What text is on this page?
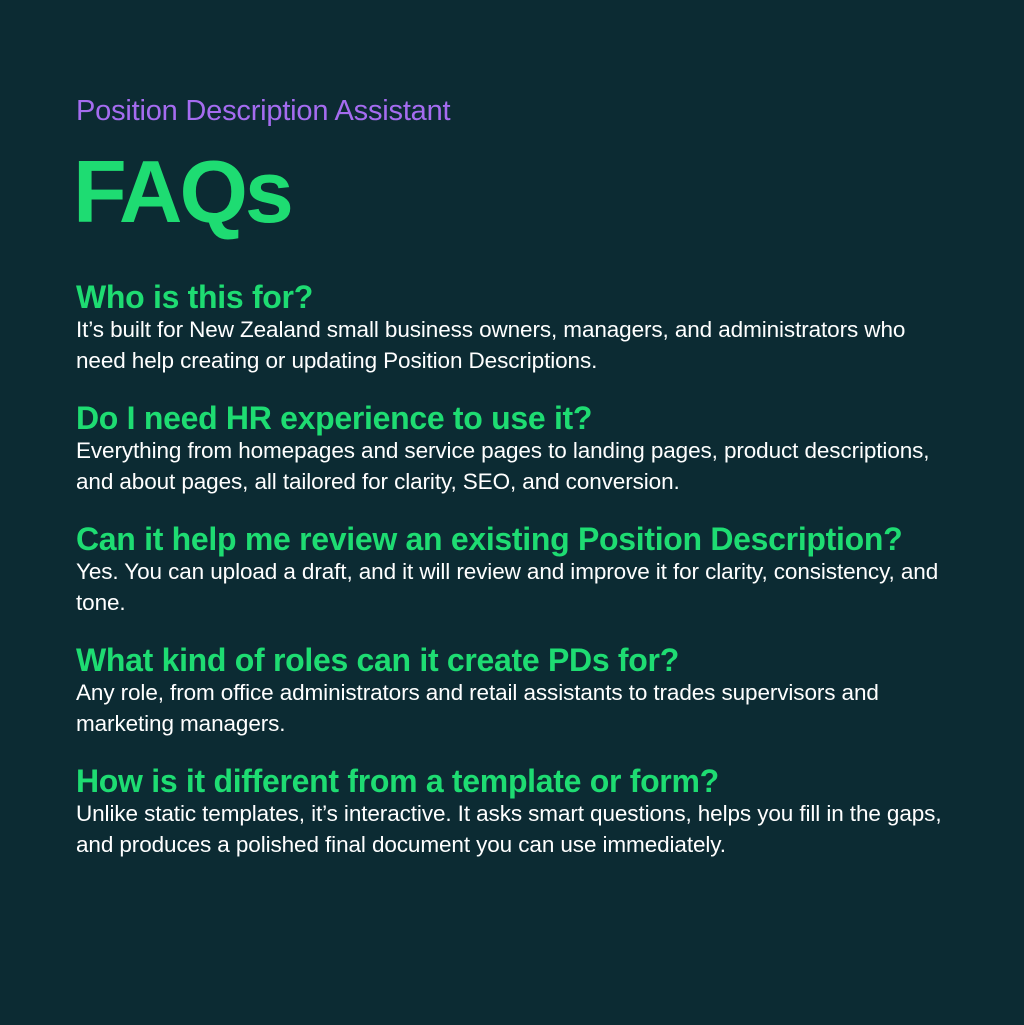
Position Description Assistant

FAQs
Who is this for?

It’s built for New Zealand small business owners, managers, and administrators who need help creating or updating Position Descriptions.

Do I need HR experience to use it?

Everything from homepages and service pages to landing pages, product descriptions, and about pages, all tailored for clarity, SEO, and conversion.

Can it help me review an existing Position Description?

Yes. You can upload a draft, and it will review and improve it for clarity, consistency, and tone.

What kind of roles can it create PDs for?

Any role, from office administrators and retail assistants to trades supervisors and marketing managers.

How is it different from a template or form?

Unlike static templates, it’s interactive. It asks smart questions, helps you fill in the gaps, and produces a polished final document you can use immediately.
